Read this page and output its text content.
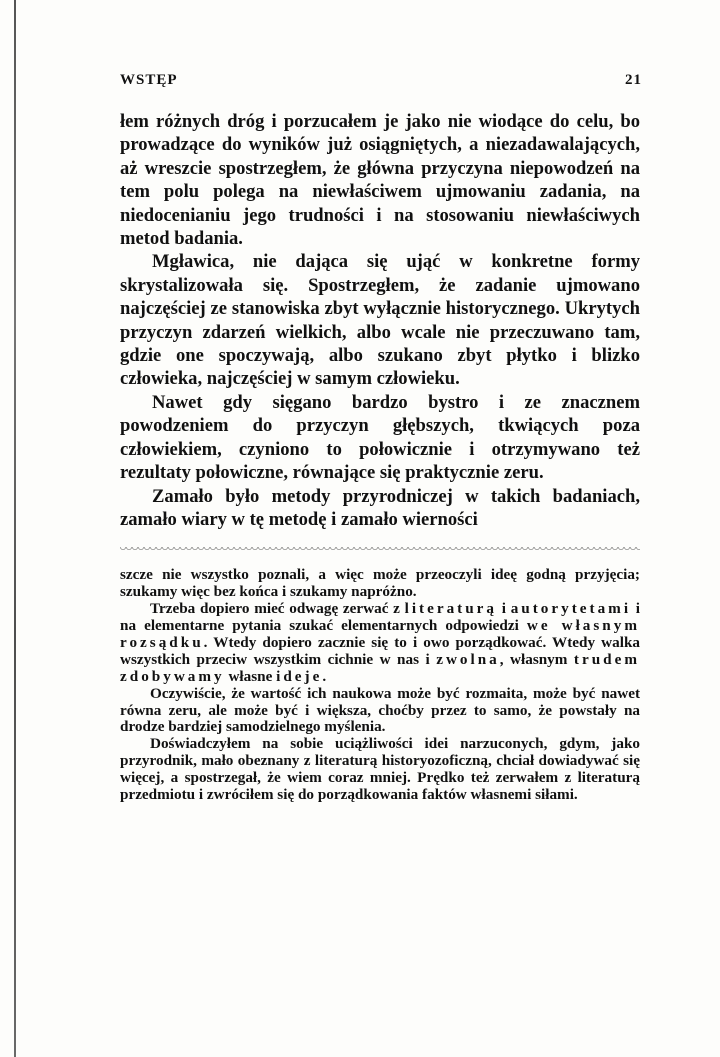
WSTĘP	21

łem różnych dróg i porzucałem je jako nie wiodące do celu, bo prowadzące do wyników już osiągniętych, a niezadawalających, aż wreszcie spostrzegłem, że główna przyczyna niepowodzeń na tem polu polega na niewłaściwem ujmowaniu zadania, na niedocenianiu jego trudności i na stosowaniu niewłaściwych metod badania.

Mgławica, nie dająca się ująć w konkretne formy skrystalizowała się. Spostrzegłem, że zadanie ujmowano najczęściej ze stanowiska zbyt wyłącznie historycznego. Ukrytych przyczyn zdarzeń wielkich, albo wcale nie przeczuwano tam, gdzie one spoczywają, albo szukano zbyt płytko i blizko człowieka, najczęściej w samym człowieku.

Nawet gdy sięgano bardzo bystro i ze znacznem powodzeniem do przyczyn głębszych, tkwiących poza człowiekiem, czyniono to połowicznie i otrzymywano też rezultaty połowiczne, równające się praktycznie zeru.

Zamało było metody przyrodniczej w takich badaniach, zamało wiary w tę metodę i zamało wierności

szcze nie wszystko poznali, a więc może przeoczyli ideę godną przyjęcia; szukamy więc bez końca i szukamy napróżno.

Trzeba dopiero mieć odwagę zerwać z literaturą i autorytetami i na elementarne pytania szukać elementarnych odpowiedzi we własnym rozsądku. Wtedy dopiero zacznie się to i owo porządkować. Wtedy walka wszystkich przeciw wszystkim cichnie w nas i zwolna, własnym trudem zdobywamy własne ideje.

Oczywiście, że wartość ich naukowa może być rozmaita, może być nawet równa zeru, ale może być i większa, choćby przez to samo, że powstały na drodze bardziej samodzielnego myślenia.

Doświadczyłem na sobie uciążliwości idei narzuconych, gdym, jako przyrodnik, mało obeznany z literaturą historyozoficzną, chciał dowiadywać się więcej, a spostrzegał, że wiem coraz mniej. Prędko też zerwałem z literaturą przedmiotu i zwróciłem się do porządkowania faktów własnemi siłami.
